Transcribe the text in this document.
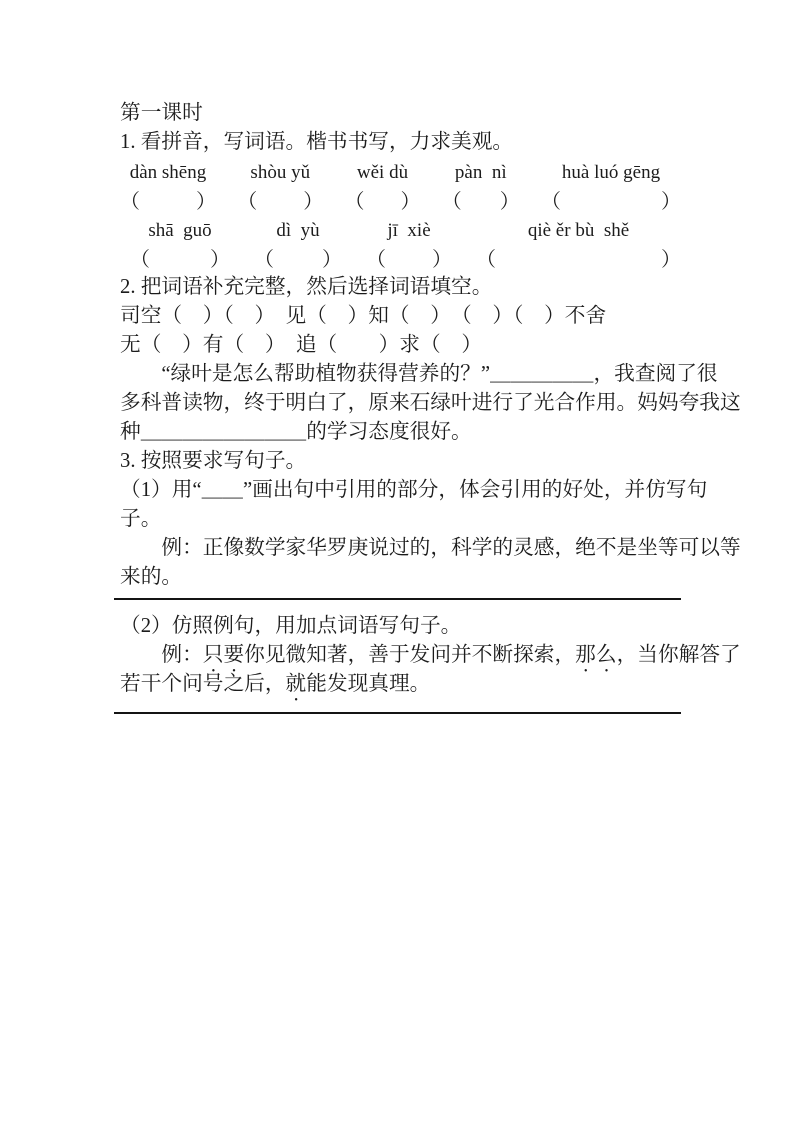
第一课时
1. 看拼音，写词语。楷书书写，力求美观。
dàn shēng	shòu yǔ	wěi dù	pàn  nì	huà luó gēng
（	） （ ） （ ） （ ） （	）
shā  guō	dì  yù	jī  xiè	qiè ěr bù  shě
（	） （ ） （ ） （	）
2. 把词语补充完整，然后选择词语填空。
司空（　）（　）　见（　）知（　）　（　）（　）不舍
无（　）有（　）　追（　　）求（　）
　　“绿叶是怎么帮助植物获得营养的？”＿＿＿＿＿，我查阅了很
多科普读物，终于明白了，原来石绿叶进行了光合作用。妈妈夸我这
种＿＿＿＿＿＿＿＿的学习态度很好。
3. 按照要求写句子。
（1）用“＿＿”画出句中引用的部分，体会引用的好处，并仿写句
子。
　　例：正像数学家华罗庚说过的，科学的灵感，绝不是坐等可以等
来的。
（2）仿照例句，用加点词语写句子。
　　例：只要你见微知著，善于发问并不断探索，那么，当你解答了
若干个问号之后，就能发现真理。
